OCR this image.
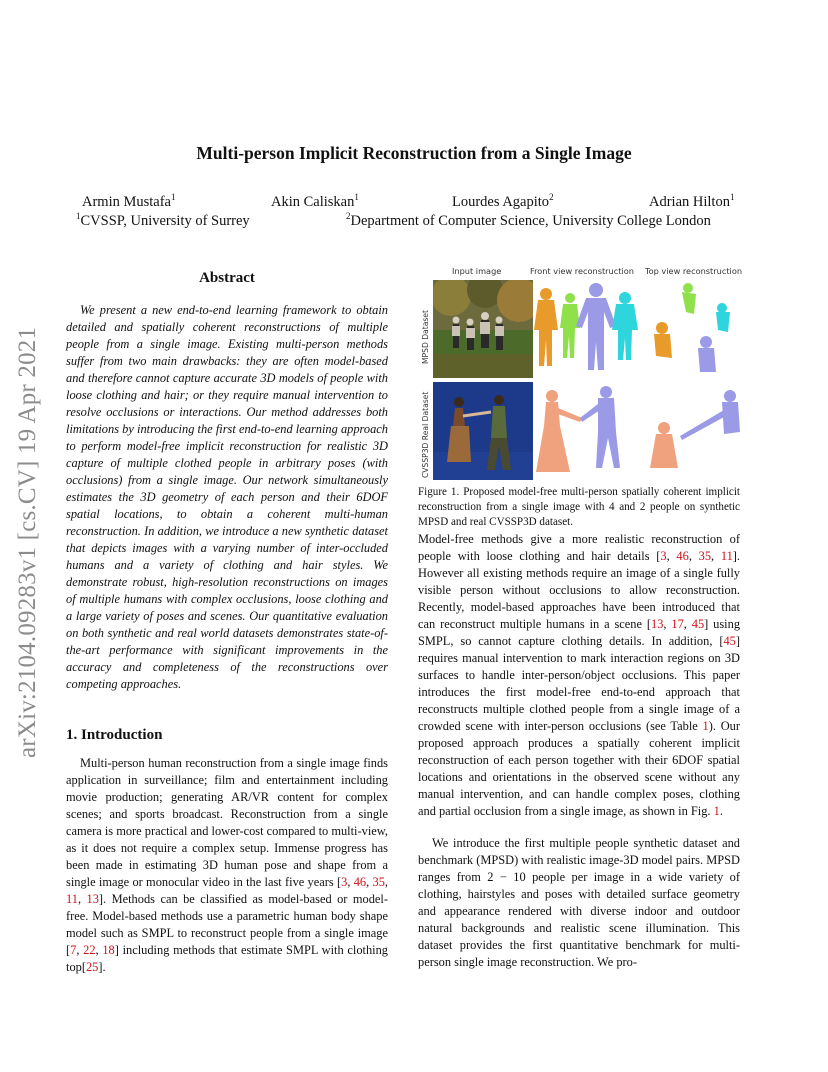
Multi-person Implicit Reconstruction from a Single Image
Armin Mustafa$^1$	Akin Caliskan$^1$	Lourdes Agapito$^2$	Adrian Hilton$^1$
$^1$CVSSP, University of Surrey	$^2$Department of Computer Science, University College London
arXiv:2104.09283v1 [cs.CV] 19 Apr 2021
Abstract

We present a new end-to-end learning framework to obtain detailed and spatially coherent reconstructions of multiple people from a single image. Existing multi-person methods suffer from two main drawbacks: they are often model-based and therefore cannot capture accurate 3D models of people with loose clothing and hair; or they require manual intervention to resolve occlusions or interactions. Our method addresses both limitations by introducing the first end-to-end learning approach to perform model-free implicit reconstruction for realistic 3D capture of multiple clothed people in arbitrary poses (with occlusions) from a single image. Our network simultaneously estimates the 3D geometry of each person and their 6DOF spatial locations, to obtain a coherent multi-human reconstruction. In addition, we introduce a new synthetic dataset that depicts images with a varying number of inter-occluded humans and a variety of clothing and hair styles. We demonstrate robust, high-resolution reconstructions on images of multiple humans with complex occlusions, loose clothing and a large variety of poses and scenes. Our quantitative evaluation on both synthetic and real world datasets demonstrates state-of-the-art performance with significant improvements in the accuracy and completeness of the reconstructions over competing approaches.

1. Introduction

Multi-person human reconstruction from a single image finds application in surveillance; film and entertainment including movie production; generating AR/VR content for complex scenes; and sports broadcast. Reconstruction from a single camera is more practical and lower-cost compared to multi-view, as it does not require a complex setup. Immense progress has been made in estimating 3D human pose and shape from a single image or monocular video in the last five years [3, 46, 35, 11, 13]. Methods can be classified as model-based or model-free. Model-based methods use a parametric human body shape model such as SMPL to reconstruct people from a single image [7, 22, 18] including methods that estimate SMPL with clothing top[25].

Input image	Front view reconstruction Top view reconstruction
MPSD Dataset
CVSSP3D Real Dataset

Figure 1. Proposed model-free multi-person spatially coherent implicit reconstruction from a single image with 4 and 2 people on synthetic MPSD and real CVSSP3D dataset.

Model-free methods give a more realistic reconstruction of people with loose clothing and hair details [3, 46, 35, 11]. However all existing methods require an image of a single fully visible person without occlusions to allow reconstruction. Recently, model-based approaches have been introduced that can reconstruct multiple humans in a scene [13, 17, 45] using SMPL, so cannot capture clothing details. In addition, [45] requires manual intervention to mark interaction regions on 3D surfaces to handle inter-person/object occlusions. This paper introduces the first model-free end-to-end approach that reconstructs multiple clothed people from a single image of a crowded scene with inter-person occlusions (see Table 1). Our proposed approach produces a spatially coherent implicit reconstruction of each person together with their 6DOF spatial locations and orientations in the observed scene without any manual intervention, and can handle complex poses, clothing and partial occlusion from a single image, as shown in Fig. 1.

We introduce the first multiple people synthetic dataset and benchmark (MPSD) with realistic image-3D model pairs. MPSD ranges from 2 − 10 people per image in a wide variety of clothing, hairstyles and poses with detailed surface geometry and appearance rendered with diverse indoor and outdoor natural backgrounds and realistic scene illumination. This dataset provides the first quantitative benchmark for multi-person single image reconstruction. We pro-
